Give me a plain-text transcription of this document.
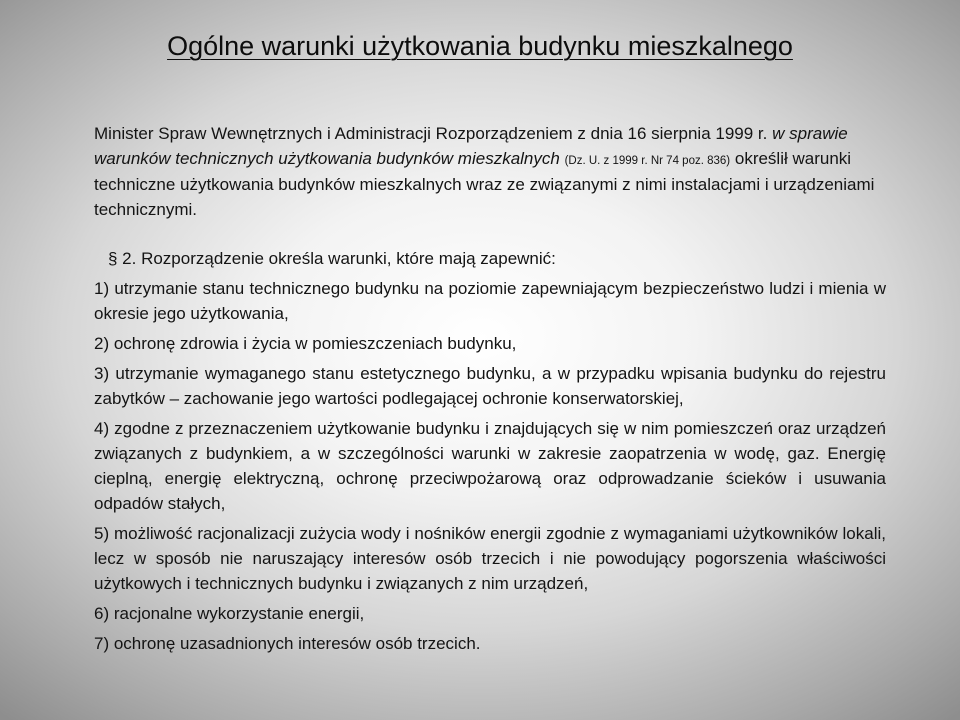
Ogólne warunki użytkowania budynku mieszkalnego

Minister Spraw Wewnętrznych i Administracji Rozporządzeniem z dnia 16 sierpnia 1999 r. w sprawie warunków technicznych użytkowania budynków mieszkalnych (Dz. U. z 1999 r. Nr 74 poz. 836) określił warunki techniczne użytkowania budynków mieszkalnych wraz ze związanymi z nimi instalacjami i urządzeniami technicznymi.

§ 2. Rozporządzenie określa warunki, które mają zapewnić:

1) utrzymanie stanu technicznego budynku na poziomie zapewniającym bezpieczeństwo ludzi i mienia w okresie jego użytkowania,

2) ochronę zdrowia i życia w pomieszczeniach budynku,

3) utrzymanie wymaganego stanu estetycznego budynku, a w przypadku wpisania budynku do rejestru zabytków – zachowanie jego wartości podlegającej ochronie konserwatorskiej,

4) zgodne z przeznaczeniem użytkowanie budynku i znajdujących się w nim pomieszczeń oraz urządzeń związanych z budynkiem, a w szczególności warunki w zakresie zaopatrzenia w wodę, gaz. Energię cieplną, energię elektryczną, ochronę przeciwpożarową oraz odprowadzanie ścieków i usuwania odpadów stałych,

5) możliwość racjonalizacji zużycia wody i nośników energii zgodnie z wymaganiami użytkowników lokali, lecz w sposób nie naruszający interesów osób trzecich i nie powodujący pogorszenia właściwości użytkowych i technicznych budynku i związanych z nim urządzeń,

6) racjonalne wykorzystanie energii,

7) ochronę uzasadnionych interesów osób trzecich.
